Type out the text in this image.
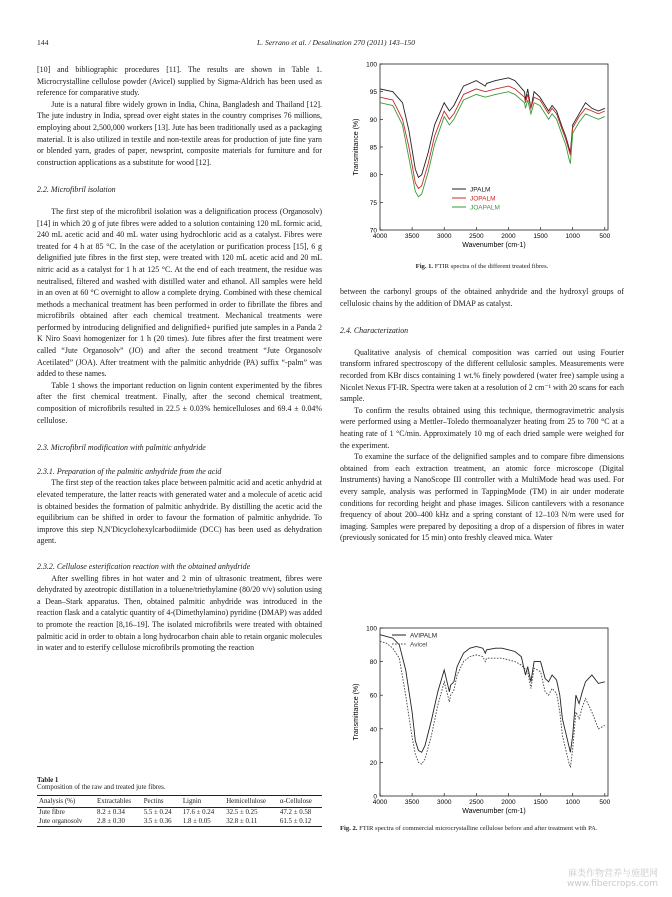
144	L. Serrano et al. / Desalination 270 (2011) 143–150

[10] and bibliographic procedures [11]. The results are shown in Table 1. Microcrystalline cellulose powder (Avicel) supplied by Sigma-Aldrich has been used as reference for comparative study.

Jute is a natural fibre widely grown in India, China, Bangladesh and Thailand [12]. The jute industry in India, spread over eight states in the country comprises 76 millions, employing about 2,500,000 workers [13]. Jute has been traditionally used as a packaging material. It is also utilized in textile and non-textile areas for production of jute fine yarn or blended yarn, grades of paper, newsprint, composite materials for furniture and for construction applications as a substitute for wood [12].

2.2. Microfibril isolation

The first step of the microfibril isolation was a delignification process (Organosolv) [14] in which 20 g of jute fibres were added to a solution containing 120 mL formic acid, 240 mL acetic acid and 40 mL water using hydrochloric acid as a catalyst. Fibres were treated for 4 h at 85 °C. In the case of the acetylation or purification process [15], 6 g delignified jute fibres in the first step, were treated with 120 mL acetic acid and 20 mL nitric acid as a catalyst for 1 h at 125 °C. At the end of each treatment, the residue was neutralised, filtered and washed with distilled water and ethanol. All samples were held in an oven at 60 °C overnight to allow a complete drying. Combined with these chemical methods a mechanical treatment has been performed in order to fibrillate the fibres and microfibrils obtained after each chemical treatment. Mechanical treatments were performed by introducing delignified and delignified+ purified jute samples in a Panda 2 K Niro Soavi homogenizer for 1 h (20 times). Jute fibres after the first treatment were called “Jute Organosolv” (JO) and after the second treatment “Jute Organosolv Acetilated” (JOA). After treatment with the palmitic anhydride (PA) suffix “-palm” was added to these names.

Table 1 shows the important reduction on lignin content experimented by the fibres after the first chemical treatment. Finally, after the second chemical treatment, composition of microfibrils resulted in 22.5 ± 0.03% hemicelluloses and 69.4 ± 0.04% cellulose.

2.3. Microfibril modification with palmitic anhydride
2.3.1. Preparation of the palmitic anhydride from the acid

The first step of the reaction takes place between palmitic acid and acetic anhydrid at elevated temperature, the latter reacts with generated water and a molecule of acetic acid is obtained besides the formation of palmitic anhydride. By distilling the acetic acid the equilibrium can be shifted in order to favour the formation of palmitic anhydride. To improve this step N,N'Dicyclohexylcarbodiimide (DCC) has been used as dehydration agent.

2.3.2. Cellulose esterification reaction with the obtained anhydride

After swelling fibres in hot water and 2 min of ultrasonic treatment, fibres were dehydrated by azeotropic distillation in a toluene/triethylamine (80/20 v/v) solution using a Dean–Stark apparatus. Then, obtained palmitic anhydride was introduced in the reaction flask and a catalytic quantity of 4-(Dimethylamino) pyridine (DMAP) was added to promote the reaction [8,16–19]. The isolated microfibrils were treated with obtained palmitic acid in order to obtain a long hydrocarbon chain able to retain organic molecules in water and to esterify cellulose microfibrils promoting the reaction

Table 1
Composition of the raw and treated jute fibres.
Analysis (%)	Extractables	Pectins	Lignin	Hemicellulose	α-Cellulose
Jute fibre	8.2 ± 0.34	5.5 ± 0.24	17.6 ± 0.24	32.5 ± 0.25	47.2 ± 0.58
Jute organosolv	2.8 ± 0.30	3.5 ± 0.36	1.8 ± 0.05	32.8 ± 0.11	61.5 ± 0.12
70
75
80
85
90
95
100
4000	3500	3000	2500	2000	1500	1000	500
Wavenumber (cm-1)
Transmittance (%)
JPALM
JOPALM
JOAPALM
Fig. 1. FTIR spectra of the different treated fibres.

between the carbonyl groups of the obtained anhydride and the hydroxyl groups of cellulosic chains by the addition of DMAP as catalyst.

2.4. Characterization

Qualitative analysis of chemical composition was carried out using Fourier transform infrared spectroscopy of the different cellulosic samples. Measurements were recorded from KBr discs containing 1 wt.% finely powdered (water free) sample using a Nicolet Nexus FT-IR. Spectra were taken at a resolution of 2 cm⁻¹ with 20 scans for each sample.

To confirm the results obtained using this technique, thermogravimetric analysis were performed using a Mettler–Toledo thermoanalyzer heating from 25 to 700 °C at a heating rate of 1 °C/min. Approximately 10 mg of each dried sample were weighed for the experiment.

To examine the surface of the delignified samples and to compare fibre dimensions obtained from each extraction treatment, an atomic force microscope (Digital Instruments) having a NanoScope III controller with a MultiMode head was used. For every sample, analysis was performed in TappingMode (TM) in air under moderate conditions for recording height and phase images. Silicon cantilevers with a resonance frequency of about 200–400 kHz and a spring constant of 12–103 N/m were used for imaging. Samples were prepared by depositing a drop of a dispersion of fibres in water (previously sonicated for 15 min) onto freshly cleaved mica. Water

0
20
40
60
80
100
4000	3500	3000	2500	2000	1500	1000	500
Wavenumber (cm-1)
Transmittance (%)
AVIPALM
Avicel
Fig. 2. FTIR spectra of commercial microcrystalline cellulose before and after treatment with PA.
麻类作物营养与施肥网
www.fibercrops.com
